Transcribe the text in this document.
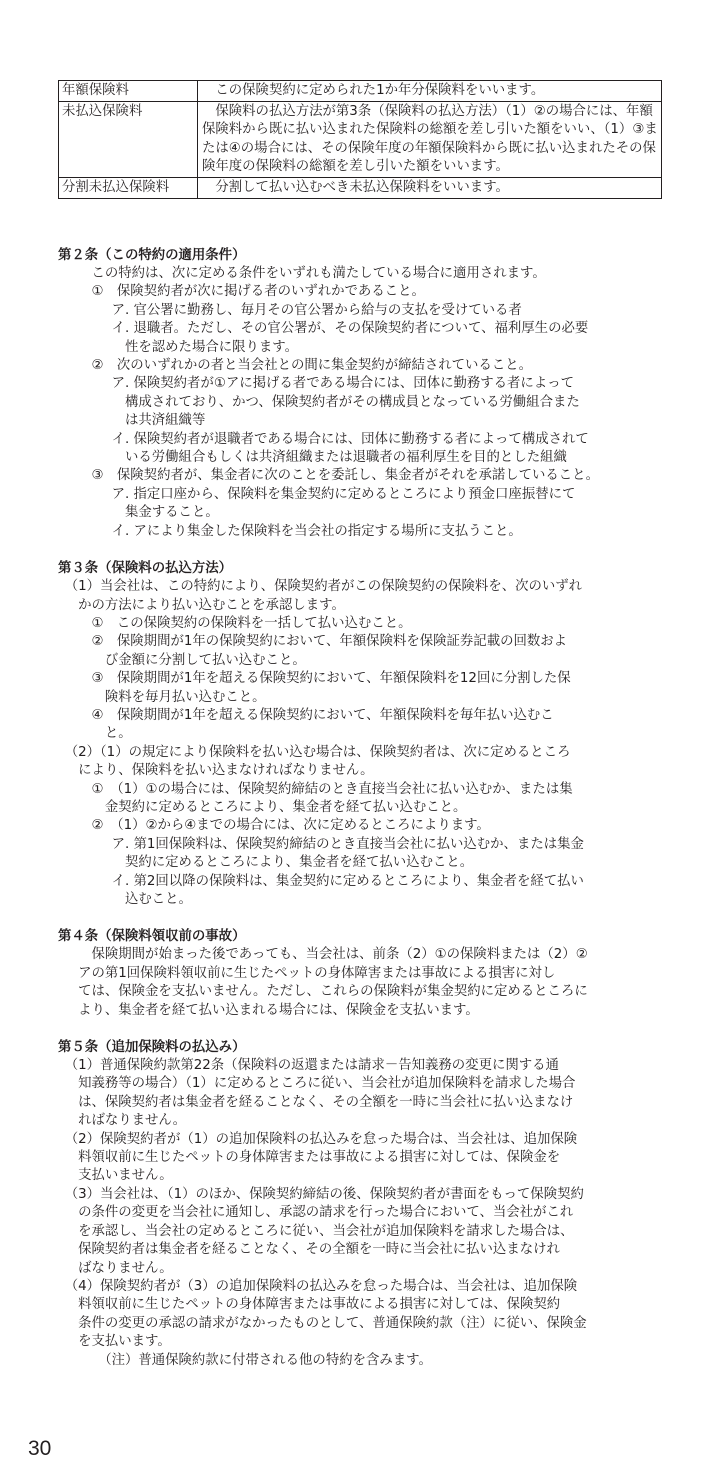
年額保険料	この保険契約に定められた1か年分保険料をいいます。
未払込保険料	保険料の払込方法が第3条（保険料の払込方法）（1）②の場合には、年額保険料から既に払い込まれた保険料の総額を差し引いた額をいい、（1）③または④の場合には、その保険年度の年額保険料から既に払い込まれたその保険年度の保険料の総額を差し引いた額をいいます。
分割未払込保険料	分割して払い込むべき未払込保険料をいいます。
第２条（この特約の適用条件）
この特約は、次に定める条件をいずれも満たしている場合に適用されます。
①　保険契約者が次に掲げる者のいずれかであること。
ア. 官公署に勤務し、毎月その官公署から給与の支払を受けている者
イ. 退職者。ただし、その官公署が、その保険契約者について、福利厚生の必要
性を認めた場合に限ります。
②　次のいずれかの者と当会社との間に集金契約が締結されていること。
ア. 保険契約者が①アに掲げる者である場合には、団体に勤務する者によって
構成されており、かつ、保険契約者がその構成員となっている労働組合また
は共済組織等
イ. 保険契約者が退職者である場合には、団体に勤務する者によって構成されて
いる労働組合もしくは共済組織または退職者の福利厚生を目的とした組織
③　保険契約者が、集金者に次のことを委託し、集金者がそれを承諾していること。
ア. 指定口座から、保険料を集金契約に定めるところにより預金口座振替にて
集金すること。
イ. アにより集金した保険料を当会社の指定する場所に支払うこと。
第３条（保険料の払込方法）
（1）当会社は、この特約により、保険契約者がこの保険契約の保険料を、次のいずれ
かの方法により払い込むことを承認します。
①　この保険契約の保険料を一括して払い込むこと。
②　保険期間が1年の保険契約において、年額保険料を保険証券記載の回数およ
び金額に分割して払い込むこと。
③　保険期間が1年を超える保険契約において、年額保険料を12回に分割した保
険料を毎月払い込むこと。
④　保険期間が1年を超える保険契約において、年額保険料を毎年払い込むこ
と。
（2）（1）の規定により保険料を払い込む場合は、保険契約者は、次に定めるところ
により、保険料を払い込まなければなりません。
①　（1）①の場合には、保険契約締結のとき直接当会社に払い込むか、または集
金契約に定めるところにより、集金者を経て払い込むこと。
②　（1）②から④までの場合には、次に定めるところによります。
ア. 第1回保険料は、保険契約締結のとき直接当会社に払い込むか、または集金
契約に定めるところにより、集金者を経て払い込むこと。
イ. 第2回以降の保険料は、集金契約に定めるところにより、集金者を経て払い
込むこと。
第４条（保険料領収前の事故）
保険期間が始まった後であっても、当会社は、前条（2）①の保険料または（2）②
アの第1回保険料領収前に生じたペットの身体障害または事故による損害に対し
ては、保険金を支払いません。ただし、これらの保険料が集金契約に定めるところに
より、集金者を経て払い込まれる場合には、保険金を支払います。
第５条（追加保険料の払込み）
（1）普通保険約款第22条（保険料の返還または請求－告知義務の変更に関する通
知義務等の場合）（1）に定めるところに従い、当会社が追加保険料を請求した場合
は、保険契約者は集金者を経ることなく、その全額を一時に当会社に払い込まなけ
ればなりません。
（2）保険契約者が（1）の追加保険料の払込みを怠った場合は、当会社は、追加保険
料領収前に生じたペットの身体障害または事故による損害に対しては、保険金を
支払いません。
（3）当会社は、（1）のほか、保険契約締結の後、保険契約者が書面をもって保険契約
の条件の変更を当会社に通知し、承認の請求を行った場合において、当会社がこれ
を承認し、当会社の定めるところに従い、当会社が追加保険料を請求した場合は、
保険契約者は集金者を経ることなく、その全額を一時に当会社に払い込まなけれ
ばなりません。
（4）保険契約者が（3）の追加保険料の払込みを怠った場合は、当会社は、追加保険
料領収前に生じたペットの身体障害または事故による損害に対しては、保険契約
条件の変更の承認の請求がなかったものとして、普通保険約款（注）に従い、保険金
を支払います。
（注）普通保険約款に付帯される他の特約を含みます。
30
